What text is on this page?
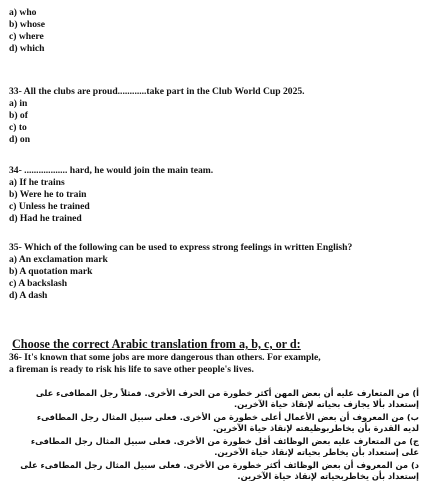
a) who
b) whose
c) where
d) which
33- All the clubs are proud............take part in the Club World Cup 2025.
a) in
b) of
c) to
d) on
34- .................. hard, he would join the main team.
a) If he trains
b) Were he to train
c) Unless he trained
d) Had he trained
35- Which of the following can be used to express strong feelings in written English?
a) An exclamation mark
b) A quotation mark
c) A backslash
d) A dash
Choose the correct Arabic translation from a, b, c, or d:
36- It's known that some jobs are more dangerous than others. For example,
a fireman is ready to risk his life to save other people's lives.
أ) من المتعارف عليه أن بعض المهن أكثر خطورة من الحرف الأخرى. فمثلاً رجل المطافىء على إستعداد بألا يجازف بحياته لإنقاذ حياة الآخرين.
ب) من المعروف أن بعض الأعمال أعلى خطورة من الأخرى. فعلى سبيل المثال رجل المطافىء لديه القدرة بأن يخاطربوظيفته لإنقاذ حياة الآخرين.
ج) من المتعارف عليه بعض الوظائف أقل خطورة من الأخرى. فعلى سبيل المثال رجل المطافىء على إستعداد بأن يخاطر بحياته لإنقاذ حياة الآخرين.
د) من المعروف أن بعض الوظائف أكثر خطورة من الأخرى. فعلى سبيل المثال رجل المطافىء على إستعداد بأن يخاطربحياته لإنقاذ حياة الآخرين.
